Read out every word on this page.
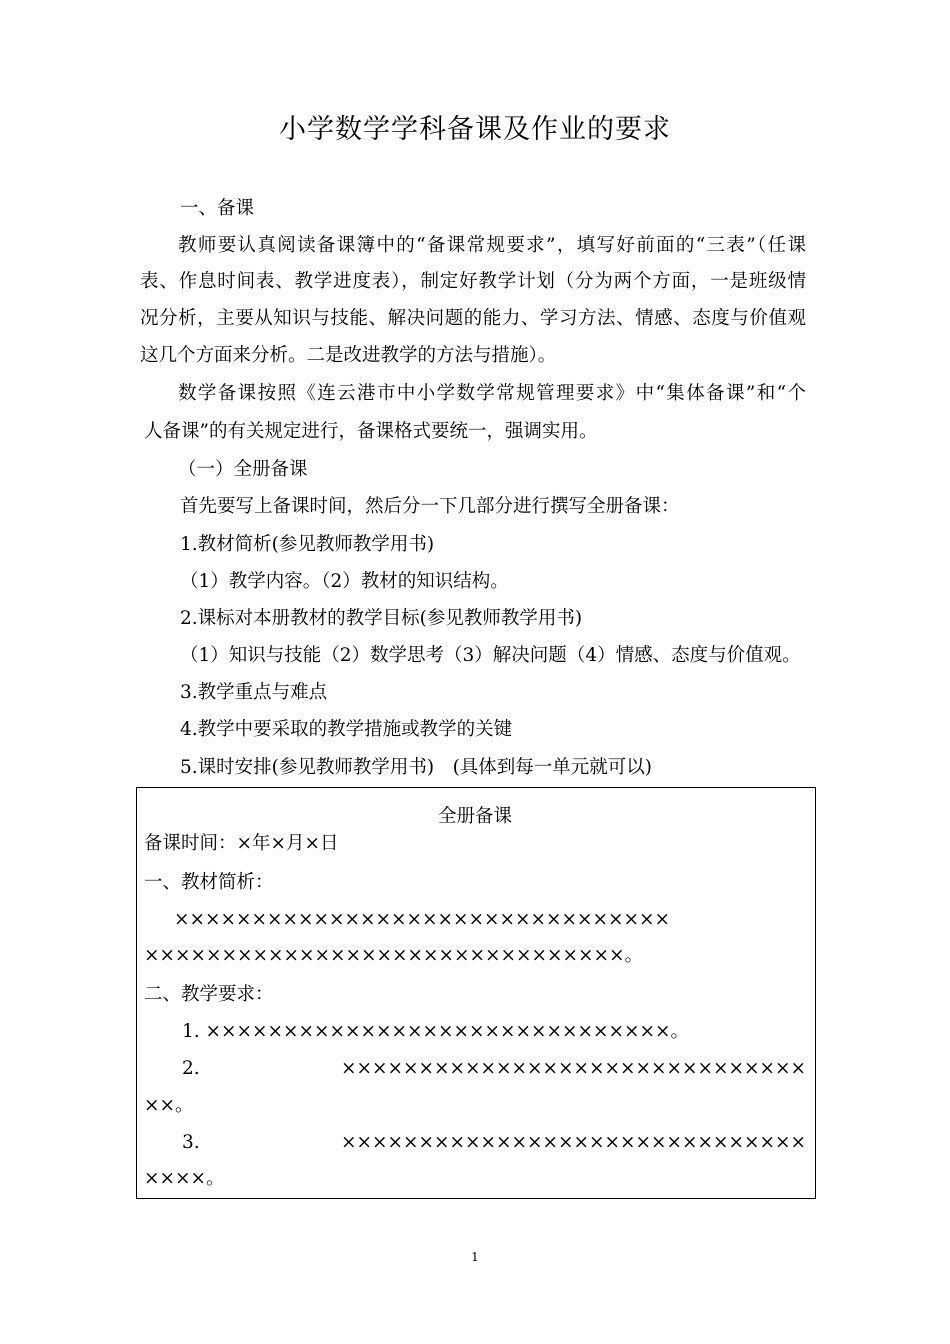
小学数学学科备课及作业的要求
一、备课
教师要认真阅读备课簿中的“备课常规要求”，填写好前面的“三表”（任课
表、作息时间表、教学进度表），制定好教学计划（分为两个方面，一是班级情
况分析，主要从知识与技能、解决问题的能力、学习方法、情感、态度与价值观
这几个方面来分析。二是改进教学的方法与措施）。
数学备课按照《连云港市中小学数学常规管理要求》中“集体备课”和“个
人备课”的有关规定进行，备课格式要统一，强调实用。
（一）全册备课
首先要写上备课时间，然后分一下几部分进行撰写全册备课：
1.教材简析(参见教师教学用书)
（1）教学内容。（2）教材的知识结构。
2.课标对本册教材的教学目标(参见教师教学用书)
（1）知识与技能（2）数学思考（3）解决问题（4）情感、态度与价值观。
3.教学重点与难点
4.教学中要采取的教学措施或教学的关键
5.课时安排(参见教师教学用书)　(具体到每一单元就可以)
全册备课
备课时间：×年×月×日
一、教材简析：
××××××××××××××××××××××××××××××××
×××××××××××××××××××××××××××××××。
二、教学要求：
1. ××××××××××××××××××××××××××××××。
2. ××××××××××××××××××××××××××××××
××。
3. ××××××××××××××××××××××××××××××
××××。
1
